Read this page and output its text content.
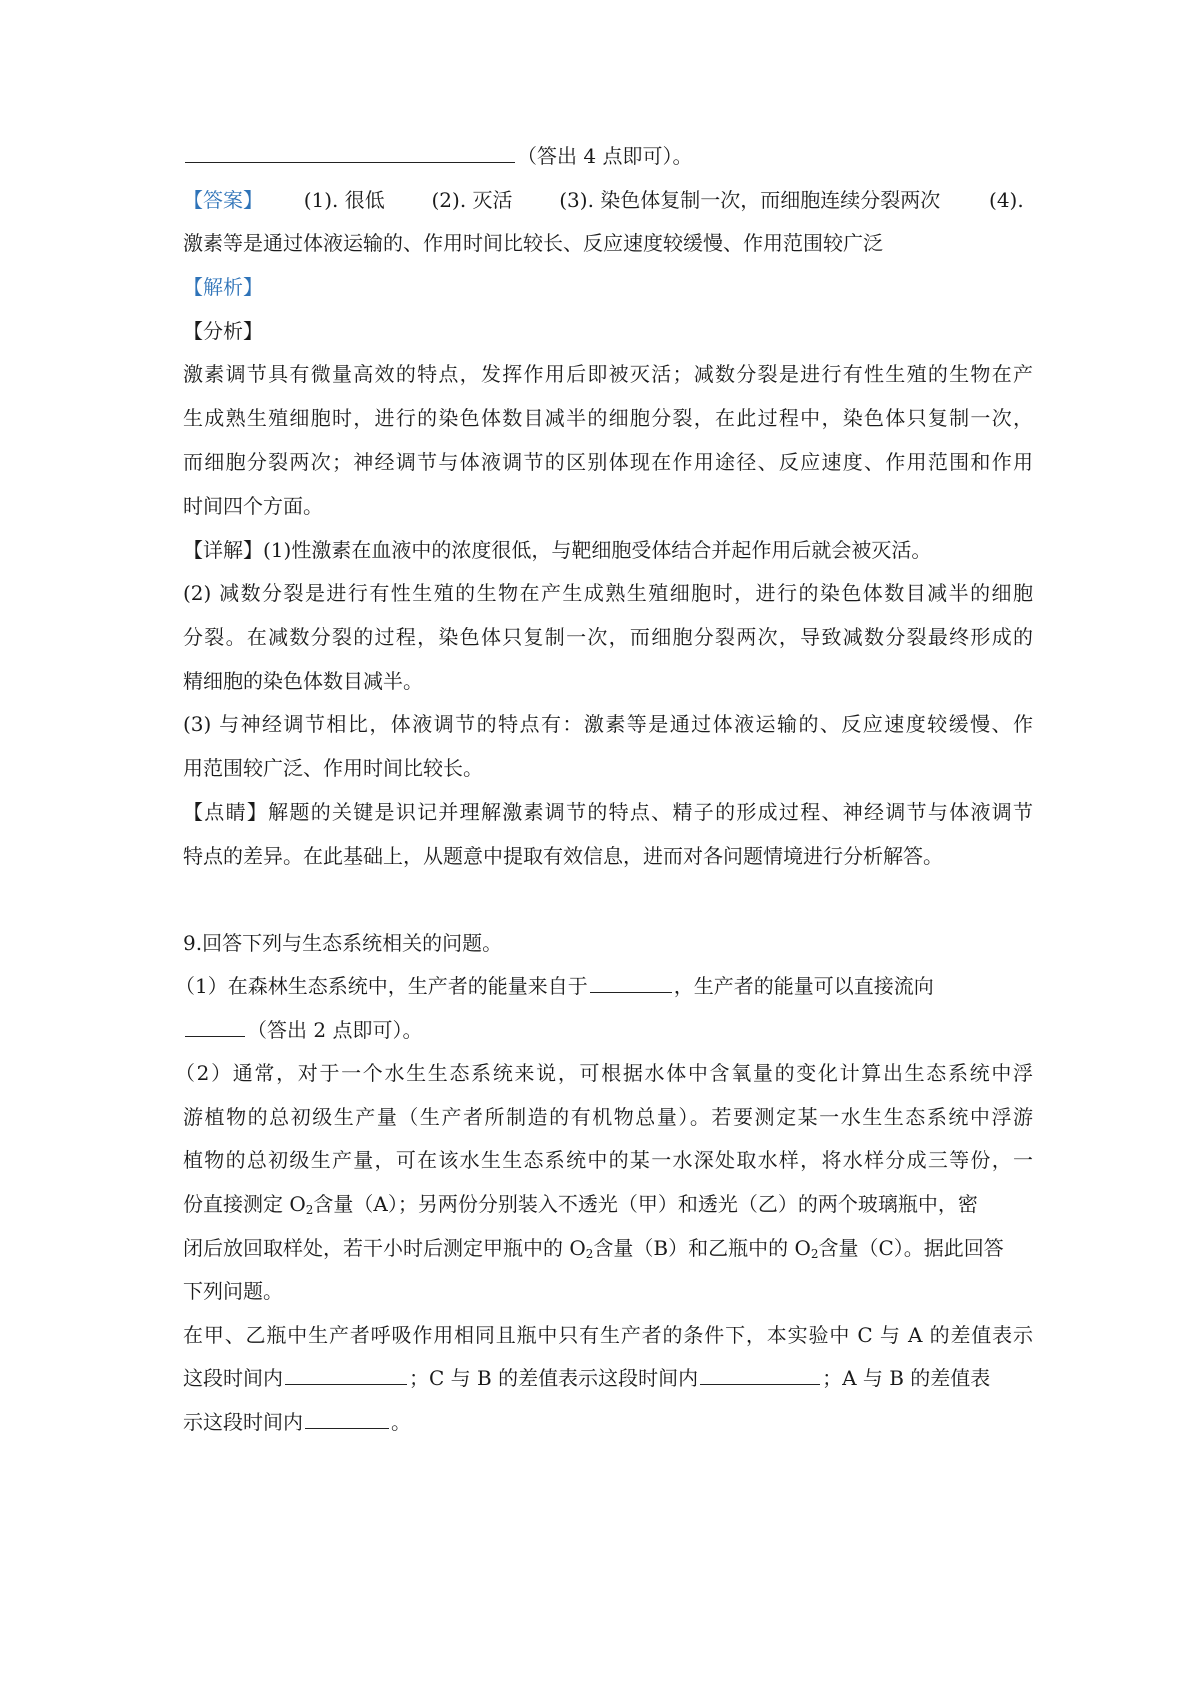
（答出 4 点即可）。
【答案】 (1). 很低 (2). 灭活 (3). 染色体复制一次，而细胞连续分裂两次 (4).
激素等是通过体液运输的、作用时间比较长、反应速度较缓慢、作用范围较广泛
【解析】
【分析】
激素调节具有微量高效的特点，发挥作用后即被灭活；减数分裂是进行有性生殖的生物在产
生成熟生殖细胞时，进行的染色体数目减半的细胞分裂，在此过程中，染色体只复制一次，
而细胞分裂两次；神经调节与体液调节的区别体现在作用途径、反应速度、作用范围和作用
时间四个方面。
【详解】(1)性激素在血液中的浓度很低，与靶细胞受体结合并起作用后就会被灭活。
(2) 减数分裂是进行有性生殖的生物在产生成熟生殖细胞时，进行的染色体数目减半的细胞
分裂。在减数分裂的过程，染色体只复制一次，而细胞分裂两次，导致减数分裂最终形成的
精细胞的染色体数目减半。
(3) 与神经调节相比，体液调节的特点有：激素等是通过体液运输的、反应速度较缓慢、作
用范围较广泛、作用时间比较长。
【点睛】解题的关键是识记并理解激素调节的特点、精子的形成过程、神经调节与体液调节
特点的差异。在此基础上，从题意中提取有效信息，进而对各问题情境进行分析解答。
9.回答下列与生态系统相关的问题。
（1）在森林生态系统中，生产者的能量来自于	，生产者的能量可以直接流向
（答出 2 点即可）。
（2）通常，对于一个水生生态系统来说，可根据水体中含氧量的变化计算出生态系统中浮
游植物的总初级生产量（生产者所制造的有机物总量）。若要测定某一水生生态系统中浮游
植物的总初级生产量，可在该水生生态系统中的某一水深处取水样，将水样分成三等份，一
份直接测定 $O_2$含量（A）；另两份分别装入不透光（甲）和透光（乙）的两个玻璃瓶中，密
闭后放回取样处，若干小时后测定甲瓶中的 $O_2$含量（B）和乙瓶中的 $O_2$含量（C）。据此回答
下列问题。
在甲、乙瓶中生产者呼吸作用相同且瓶中只有生产者的条件下，本实验中 C 与 A 的差值表示
这段时间内	；C 与 B 的差值表示这段时间内	；A 与 B 的差值表
示这段时间内	。
